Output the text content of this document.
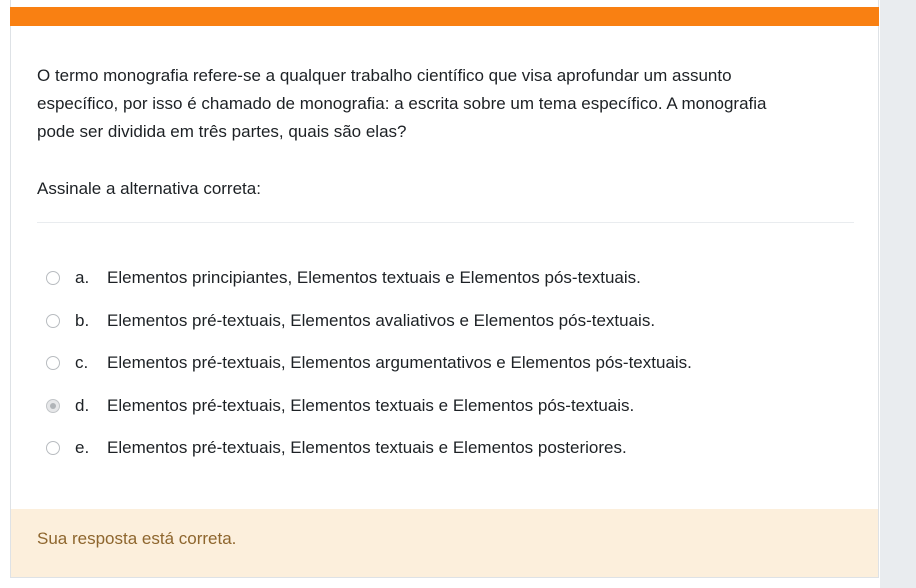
O termo monografia refere-se a qualquer trabalho científico que visa aprofundar um assunto

específico, por isso é chamado de monografia: a escrita sobre um tema específico. A monografia

pode ser dividida em três partes, quais são elas?

Assinale a alternativa correta:
a.	Elementos principiantes, Elementos textuais e Elementos pós-textuais.
b.	Elementos pré-textuais, Elementos avaliativos e Elementos pós-textuais.
c.	Elementos pré-textuais, Elementos argumentativos e Elementos pós-textuais.
d.	Elementos pré-textuais, Elementos textuais e Elementos pós-textuais.
e.	Elementos pré-textuais, Elementos textuais e Elementos posteriores.
Sua resposta está correta.
